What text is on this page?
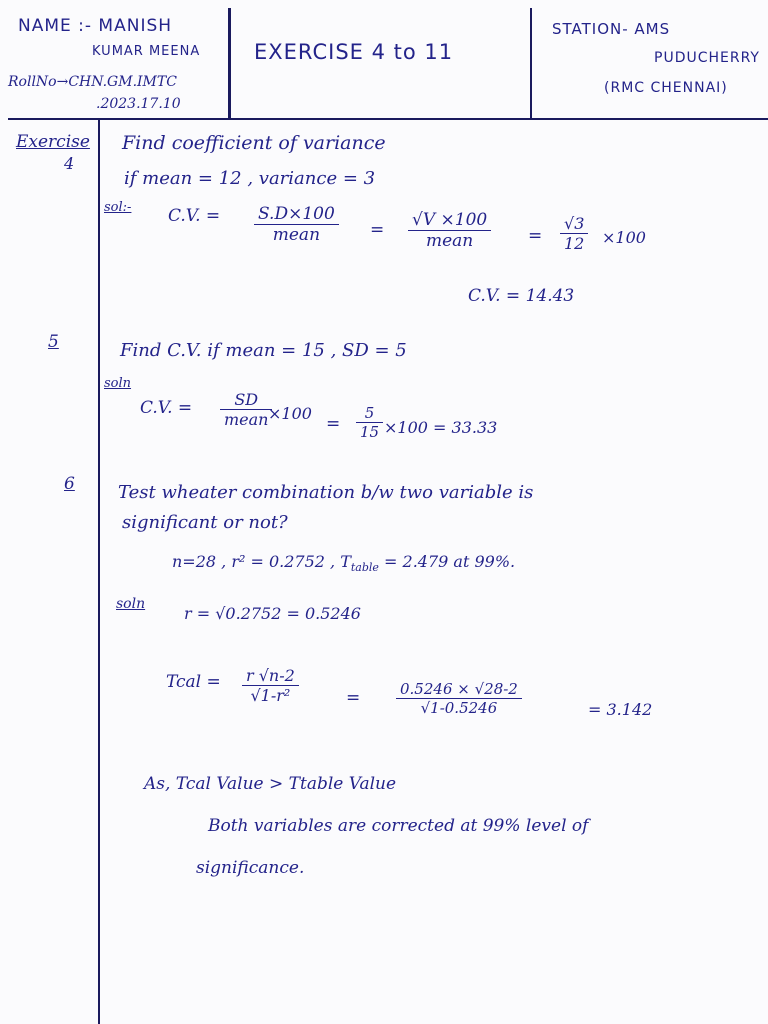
NAME :- MANISH
KUMAR MEENA
RollNo→CHN.GM.IMTC
.2023.17.10
EXERCISE 4 to 11
STATION- AMS
PUDUCHERRY
(RMC CHENNAI)
Exercise
4
Find coefficient of variance
if mean = 12 , variance = 3
sol:- C.V. = S.D×100
mean	= √V ×100
mean	= $\frac{√3}{12} \times 100$
C.V. = 14.43
5	Find C.V. if mean = 15 , SD = 5
soln
C.V. =	SD
mean ×100
= $\frac{5}{15} \times 100 = 33.33$
6 Test wheater combination b/w two variable is
significant or not?
n=28 , r² = 0.2752 , $T_{table} = 2.479$ at 99%.
soln r = √0.2752 = 0.5246
Tcal = $\frac{r √n-2}{\text{√1-r²}}$	= $\frac{0.5246 \times √28-2}{√1-0.5246}$	= 3.142
As, Tcal Value > Ttable Value
Both variables are corrected at 99% level of
significance.
